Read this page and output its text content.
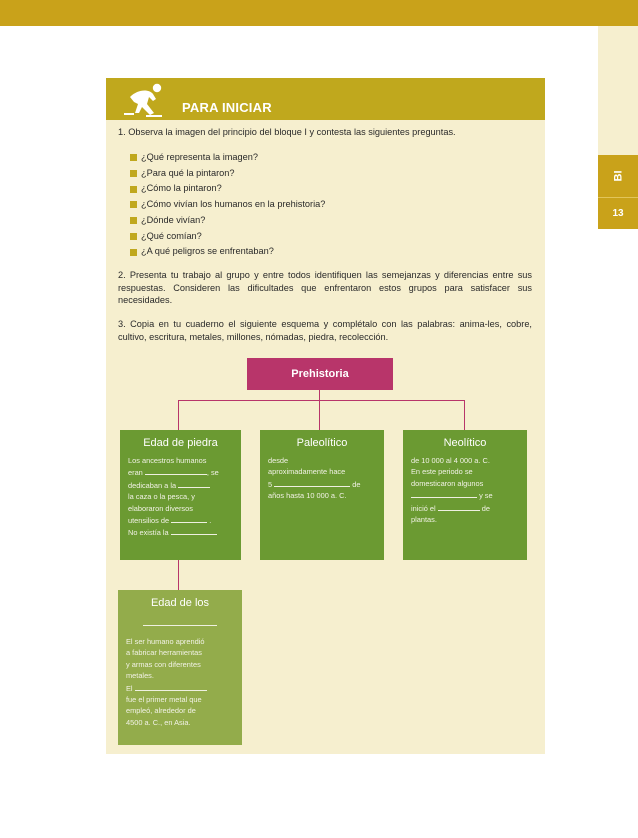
BI
13
PARA INICIAR
1. Observa la imagen del principio del bloque I y contesta las siguientes preguntas.
¿Qué representa la imagen?
¿Para qué la pintaron?
¿Cómo la pintaron?
¿Cómo vivían los humanos en la prehistoria?
¿Dónde vivían?
¿Qué comían?
¿A qué peligros se enfrentaban?
2. Presenta tu trabajo al grupo y entre todos identifiquen las semejanzas y diferencias entre sus respuestas. Consideren las dificultades que enfrentaron estos grupos para satisfacer sus necesidades.
3. Copia en tu cuaderno el siguiente esquema y complétalo con las palabras: anima-les, cobre, cultivo, escritura, metales, millones, nómadas, piedra, recolección.
Prehistoria
Edad de piedra
Los ancestros humanos
eran	, se
dedicaban a la
la caza o la pesca, y
elaboraron diversos
utensilios de	.
No existía la
Paleolítico
desde
aproximadamente hace
5	de
años hasta 10 000 a. C.
Neolítico
de 10 000 al 4 000 a. C.
En este periodo se
domesticaron algunos
y se
inició el	de
plantas.
Edad de los
El ser humano aprendió
a fabricar herramientas
y armas con diferentes
metales.
El
fue el primer metal que
empleó, alrededor de
4500 a. C., en Asia.
